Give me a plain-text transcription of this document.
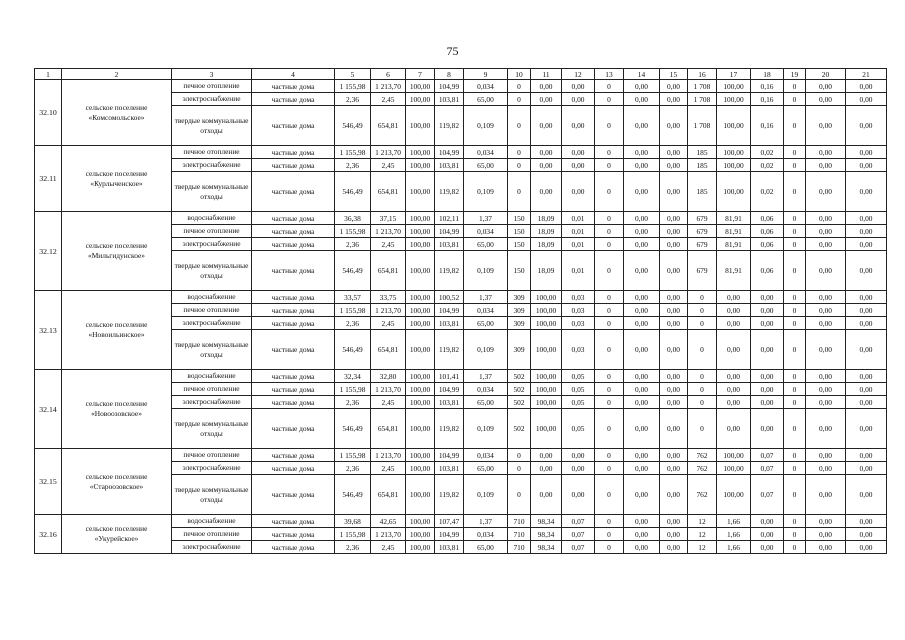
75
1	2	3	4	5	6	7	8	9	10	11	12	13	14	15	16	17	18	19	20	21
32.10	сельское поселение «Комсомольское»	печное отопление	частные дома	1 155,98	1 213,70	100,00	104,99	0,034	0	0,00	0,00	0	0,00	0,00	1 708	100,00	0,16	0	0,00	0,00
		электроснабжение	частные дома	2,36	2,45	100,00	103,81	65,00	0	0,00	0,00	0	0,00	0,00	1 708	100,00	0,16	0	0,00	0,00
		твердые коммунальные отходы	частные дома	546,49	654,81	100,00	119,82	0,109	0	0,00	0,00	0	0,00	0,00	1 708	100,00	0,16	0	0,00	0,00
32.11	сельское поселение «Курлыченское»	печное отопление	частные дома	1 155,98	1 213,70	100,00	104,99	0,034	0	0,00	0,00	0	0,00	0,00	185	100,00	0,02	0	0,00	0,00
		электроснабжение	частные дома	2,36	2,45	100,00	103,81	65,00	0	0,00	0,00	0	0,00	0,00	185	100,00	0,02	0	0,00	0,00
		твердые коммунальные отходы	частные дома	546,49	654,81	100,00	119,82	0,109	0	0,00	0,00	0	0,00	0,00	185	100,00	0,02	0	0,00	0,00
32.12	сельское поселение «Мильгидунское»	водоснабжение	частные дома	36,38	37,15	100,00	102,11	1,37	150	18,09	0,01	0	0,00	0,00	679	81,91	0,06	0	0,00	0,00
		печное отопление	частные дома	1 155,98	1 213,70	100,00	104,99	0,034	150	18,09	0,01	0	0,00	0,00	679	81,91	0,06	0	0,00	0,00
		электроснабжение	частные дома	2,36	2,45	100,00	103,81	65,00	150	18,09	0,01	0	0,00	0,00	679	81,91	0,06	0	0,00	0,00
		твердые коммунальные отходы	частные дома	546,49	654,81	100,00	119,82	0,109	150	18,09	0,01	0	0,00	0,00	679	81,91	0,06	0	0,00	0,00
32.13	сельское поселение «Новоильинское»	водоснабжение	частные дома	33,57	33,75	100,00	100,52	1,37	309	100,00	0,03	0	0,00	0,00	0	0,00	0,00	0	0,00	0,00
		печное отопление	частные дома	1 155,98	1 213,70	100,00	104,99	0,034	309	100,00	0,03	0	0,00	0,00	0	0,00	0,00	0	0,00	0,00
		электроснабжение	частные дома	2,36	2,45	100,00	103,81	65,00	309	100,00	0,03	0	0,00	0,00	0	0,00	0,00	0	0,00	0,00
		твердые коммунальные отходы	частные дома	546,49	654,81	100,00	119,82	0,109	309	100,00	0,03	0	0,00	0,00	0	0,00	0,00	0	0,00	0,00
32.14	сельское поселение «Новоозовское»	водоснабжение	частные дома	32,34	32,80	100,00	101,41	1,37	502	100,00	0,05	0	0,00	0,00	0	0,00	0,00	0	0,00	0,00
		печное отопление	частные дома	1 155,98	1 213,70	100,00	104,99	0,034	502	100,00	0,05	0	0,00	0,00	0	0,00	0,00	0	0,00	0,00
		электроснабжение	частные дома	2,36	2,45	100,00	103,81	65,00	502	100,00	0,05	0	0,00	0,00	0	0,00	0,00	0	0,00	0,00
		твердые коммунальные отходы	частные дома	546,49	654,81	100,00	119,82	0,109	502	100,00	0,05	0	0,00	0,00	0	0,00	0,00	0	0,00	0,00
32.15	сельское поселение «Староозовское»	печное отопление	частные дома	1 155,98	1 213,70	100,00	104,99	0,034	0	0,00	0,00	0	0,00	0,00	762	100,00	0,07	0	0,00	0,00
		электроснабжение	частные дома	2,36	2,45	100,00	103,81	65,00	0	0,00	0,00	0	0,00	0,00	762	100,00	0,07	0	0,00	0,00
		твердые коммунальные отходы	частные дома	546,49	654,81	100,00	119,82	0,109	0	0,00	0,00	0	0,00	0,00	762	100,00	0,07	0	0,00	0,00
32.16	сельское поселение «Укурейское»	водоснабжение	частные дома	39,68	42,65	100,00	107,47	1,37	710	98,34	0,07	0	0,00	0,00	12	1,66	0,00	0	0,00	0,00
		печное отопление	частные дома	1 155,98	1 213,70	100,00	104,99	0,034	710	98,34	0,07	0	0,00	0,00	12	1,66	0,00	0	0,00	0,00
		электроснабжение	частные дома	2,36	2,45	100,00	103,81	65,00	710	98,34	0,07	0	0,00	0,00	12	1,66	0,00	0	0,00	0,00
